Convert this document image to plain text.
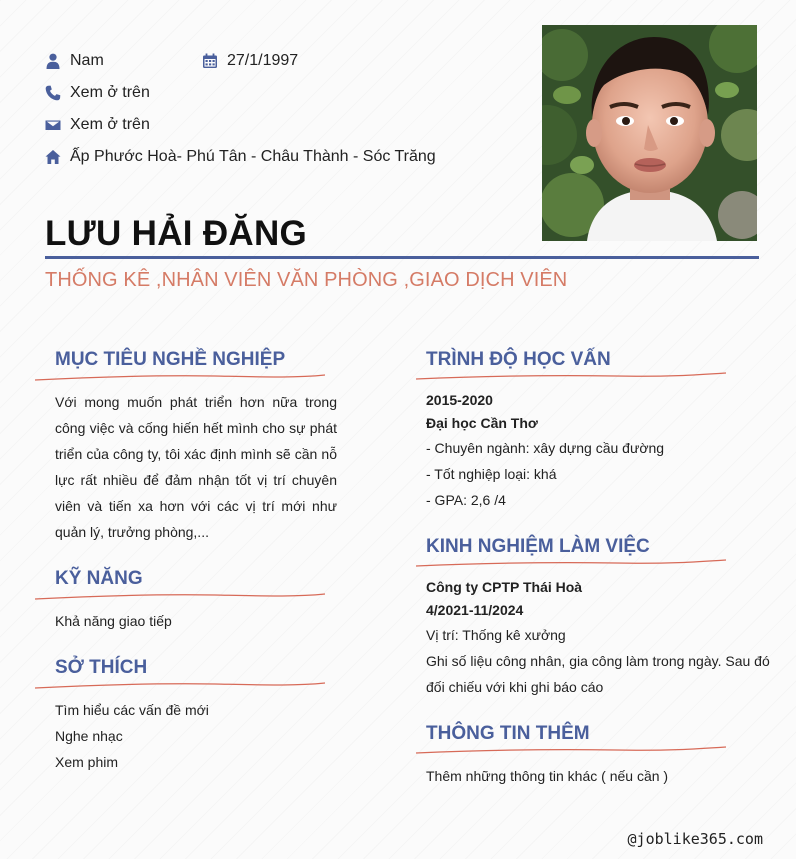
Nam	27/1/1997
Xem ở trên
Xem ở trên
Ấp Phước Hoà- Phú Tân - Châu Thành - Sóc Trăng
LƯU HẢI ĐĂNG
THỐNG KÊ ,NHÂN VIÊN VĂN PHÒNG ,GIAO DỊCH VIÊN
MỤC TIÊU NGHỀ NGHIỆP
Với mong muốn phát triển hơn nữa trong công việc và cống hiến hết mình cho sự phát triển của công ty, tôi xác định mình sẽ cần nỗ lực rất nhiều để đảm nhận tốt vị trí chuyên viên và tiến xa hơn với các vị trí mới như quản lý, trưởng phòng,...
KỸ NĂNG
Khả năng giao tiếp
SỞ THÍCH
Tìm hiểu các vấn đề mới
Nghe nhạc
Xem phim
TRÌNH ĐỘ HỌC VẤN
2015-2020
Đại học Cần Thơ
- Chuyên ngành: xây dựng cầu đường
- Tốt nghiệp loại: khá
- GPA: 2,6 /4
KINH NGHIỆM LÀM VIỆC
Công ty CPTP Thái Hoà
4/2021-11/2024
Vị trí: Thống kê xưởng
Ghi số liệu công nhân, gia công làm trong ngày. Sau đó đối chiếu với khi ghi báo cáo
THÔNG TIN THÊM
Thêm những thông tin khác ( nếu cần )
@joblike365.com
